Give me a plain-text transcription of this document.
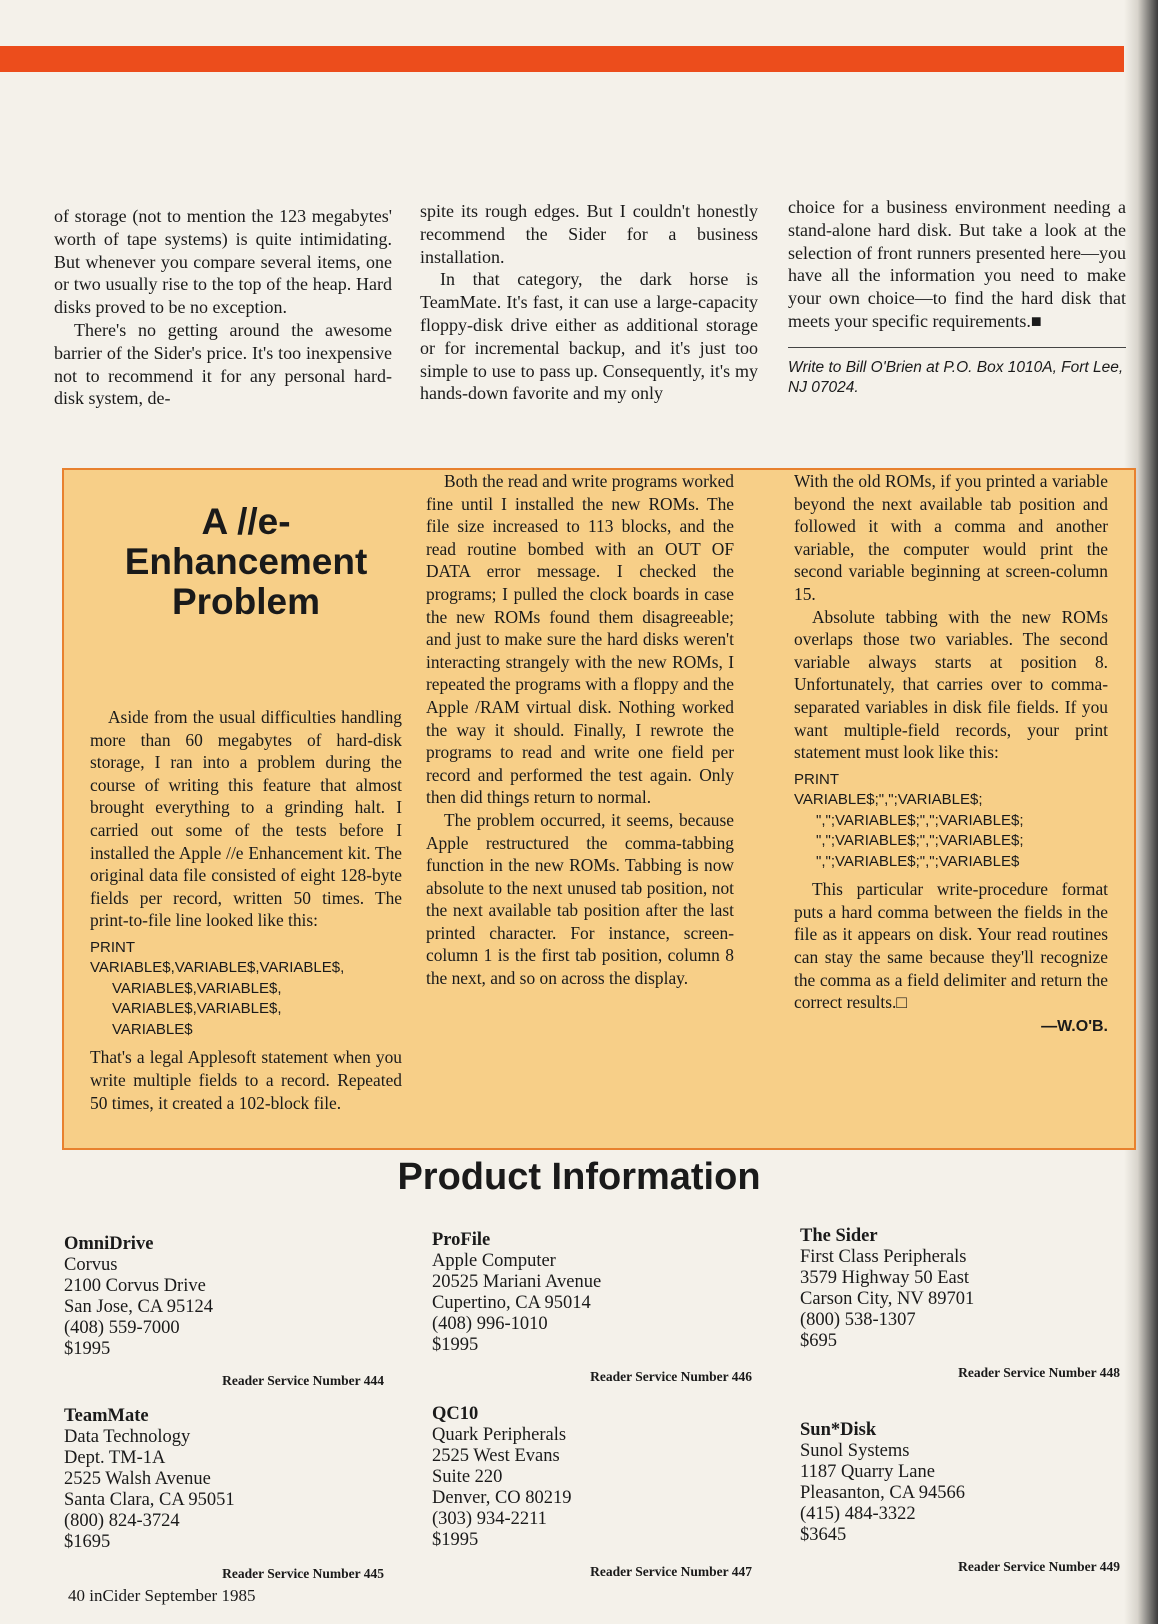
of storage (not to mention the 123 megabytes' worth of tape systems) is quite intimidating. But whenever you compare several items, one or two usually rise to the top of the heap. Hard disks proved to be no exception.

There's no getting around the awesome barrier of the Sider's price. It's too inexpensive not to recommend it for any personal hard-disk system, de-

spite its rough edges. But I couldn't honestly recommend the Sider for a business installation.

In that category, the dark horse is TeamMate. It's fast, it can use a large-capacity floppy-disk drive either as additional storage or for incremental backup, and it's just too simple to use to pass up. Consequently, it's my hands-down favorite and my only

choice for a business environment needing a stand-alone hard disk. But take a look at the selection of front runners presented here—you have all the information you need to make your own choice—to find the hard disk that meets your specific requirements.■

Write to Bill O'Brien at P.O. Box 1010A, Fort Lee, NJ 07024.
A //e-Enhancement Problem

Aside from the usual difficulties handling more than 60 megabytes of hard-disk storage, I ran into a problem during the course of writing this feature that almost brought everything to a grinding halt. I carried out some of the tests before I installed the Apple //e Enhancement kit. The original data file consisted of eight 128-byte fields per record, written 50 times. The print-to-file line looked like this:

PRINT
VARIABLE$,VARIABLE$,VARIABLE$,
VARIABLE$,VARIABLE$,
VARIABLE$,VARIABLE$,
VARIABLE$

That's a legal Applesoft statement when you write multiple fields to a record. Repeated 50 times, it created a 102-block file.

Both the read and write programs worked fine until I installed the new ROMs. The file size increased to 113 blocks, and the read routine bombed with an OUT OF DATA error message. I checked the programs; I pulled the clock boards in case the new ROMs found them disagreeable; and just to make sure the hard disks weren't interacting strangely with the new ROMs, I repeated the programs with a floppy and the Apple /RAM virtual disk. Nothing worked the way it should. Finally, I rewrote the programs to read and write one field per record and performed the test again. Only then did things return to normal.

The problem occurred, it seems, because Apple restructured the comma-tabbing function in the new ROMs. Tabbing is now absolute to the next unused tab position, not the next available tab position after the last printed character. For instance, screen-column 1 is the first tab position, column 8 the next, and so on across the display.

With the old ROMs, if you printed a variable beyond the next available tab position and followed it with a comma and another variable, the computer would print the second variable beginning at screen-column 15.

Absolute tabbing with the new ROMs overlaps those two variables. The second variable always starts at position 8. Unfortunately, that carries over to comma-separated variables in disk file fields. If you want multiple-field records, your print statement must look like this:

PRINT
VARIABLE$;",";VARIABLE$;
",";VARIABLE$;",";VARIABLE$;
",";VARIABLE$;",";VARIABLE$;
",";VARIABLE$;",";VARIABLE$

This particular write-procedure format puts a hard comma between the fields in the file as it appears on disk. Your read routines can stay the same because they'll recognize the comma as a field delimiter and return the correct results.□

—W.O'B.
Product Information
OmniDrive
Corvus
2100 Corvus Drive
San Jose, CA 95124
(408) 559-7000
$1995
Reader Service Number 444
ProFile
Apple Computer
20525 Mariani Avenue
Cupertino, CA 95014
(408) 996-1010
$1995
Reader Service Number 446
The Sider
First Class Peripherals
3579 Highway 50 East
Carson City, NV 89701
(800) 538-1307
$695
Reader Service Number 448
TeamMate
Data Technology
Dept. TM-1A
2525 Walsh Avenue
Santa Clara, CA 95051
(800) 824-3724
$1695
Reader Service Number 445
QC10
Quark Peripherals
2525 West Evans
Suite 220
Denver, CO 80219
(303) 934-2211
$1995
Reader Service Number 447
Sun*Disk
Sunol Systems
1187 Quarry Lane
Pleasanton, CA 94566
(415) 484-3322
$3645
Reader Service Number 449
40 inCider September 1985
